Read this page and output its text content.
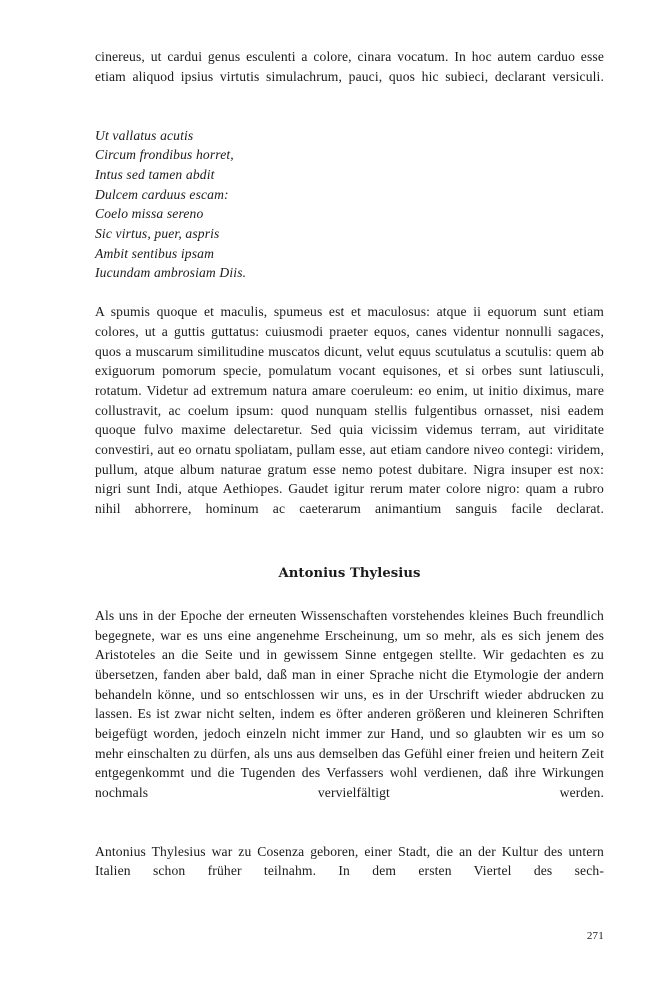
cinereus, ut cardui genus esculenti a colore, cinara vocatum. In hoc autem carduo esse etiam aliquod ipsius virtutis simulachrum, pauci, quos hic subieci, declarant versiculi.

Ut vallatus acutis
Circum frondibus horret,
Intus sed tamen abdit
Dulcem carduus escam:
Coelo missa sereno
Sic virtus, puer, aspris
Ambit sentibus ipsam
Iucundam ambrosiam Diis.

A spumis quoque et maculis, spumeus est et maculosus: atque ii equorum sunt etiam colores, ut a guttis guttatus: cuiusmodi praeter equos, canes videntur nonnulli sagaces, quos a muscarum similitudine muscatos dicunt, velut equus scutulatus a scutulis: quem ab exiguorum pomorum specie, pomulatum vocant equisones, et si orbes sunt latiusculi, rotatum. Videtur ad extremum natura amare coeruleum: eo enim, ut initio diximus, mare collustravit, ac coelum ipsum: quod nunquam stellis fulgentibus ornasset, nisi eadem quoque fulvo maxime delectaretur. Sed quia vicissim videmus terram, aut viriditate convestiri, aut eo ornatu spoliatam, pullam esse, aut etiam candore niveo contegi: viridem, pullum, atque album naturae gratum esse nemo potest dubitare. Nigra insuper est nox: nigri sunt Indi, atque Aethiopes. Gaudet igitur rerum mater colore nigro: quam a rubro nihil abhorrere, hominum ac caeterarum animantium sanguis facile declarat.

Antonius Thylesius

Als uns in der Epoche der erneuten Wissenschaften vorstehendes kleines Buch freundlich begegnete, war es uns eine angenehme Erscheinung, um so mehr, als es sich jenem des Aristoteles an die Seite und in gewissem Sinne entgegen stellte. Wir gedachten es zu übersetzen, fanden aber bald, daß man in einer Sprache nicht die Etymologie der andern behandeln könne, und so entschlossen wir uns, es in der Urschrift wieder abdrucken zu lassen. Es ist zwar nicht selten, indem es öfter anderen größeren und kleineren Schriften beigefügt worden, jedoch einzeln nicht immer zur Hand, und so glaubten wir es um so mehr einschalten zu dürfen, als uns aus demselben das Gefühl einer freien und heitern Zeit entgegenkommt und die Tugenden des Verfassers wohl verdienen, daß ihre Wirkungen nochmals vervielfältigt werden.

Antonius Thylesius war zu Cosenza geboren, einer Stadt, die an der Kultur des untern Italien schon früher teilnahm. In dem ersten Viertel des sech-

271
